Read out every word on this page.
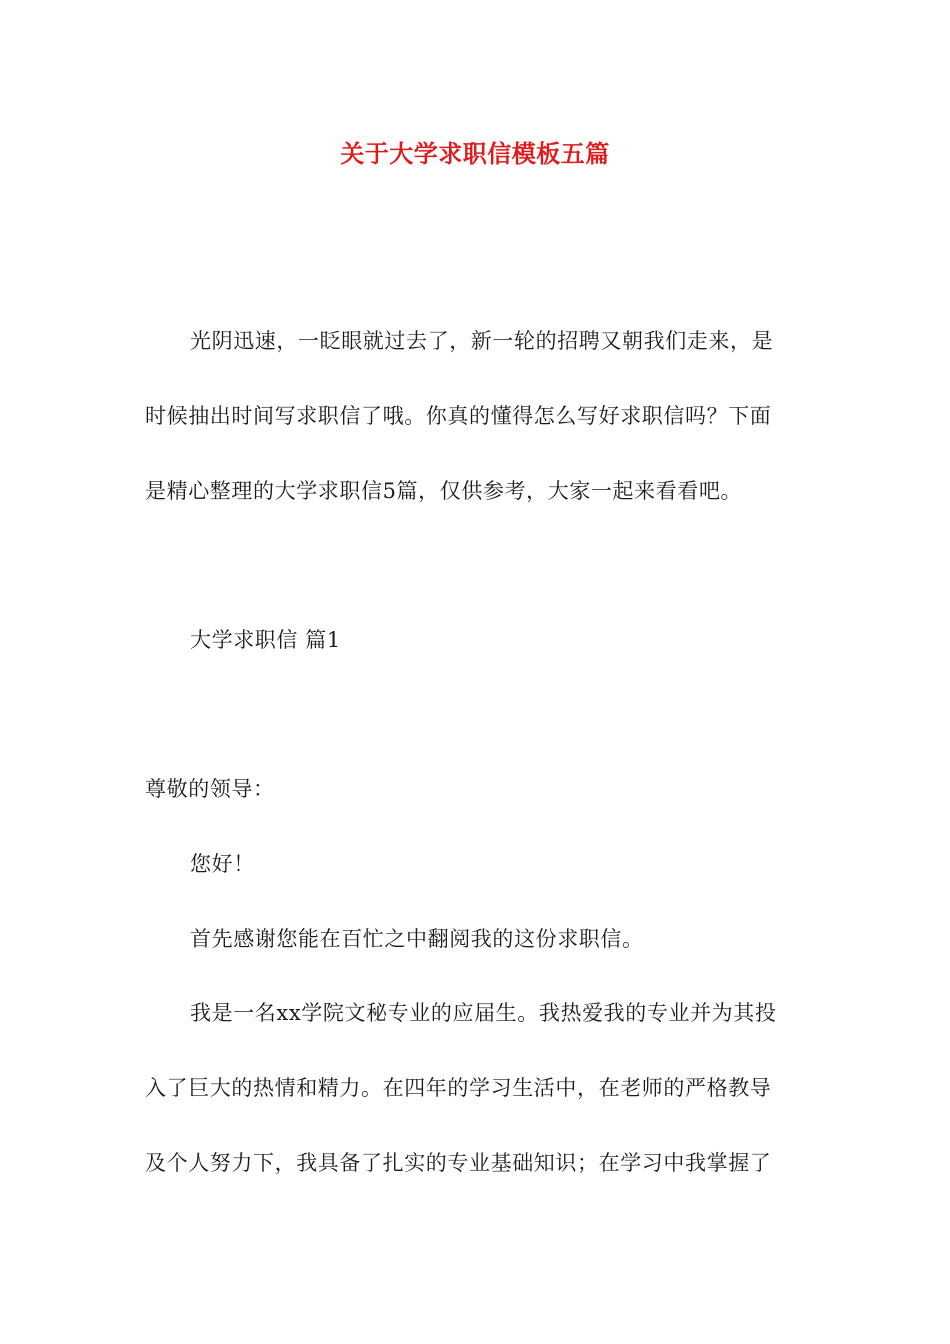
关于大学求职信模板五篇
光阴迅速，一眨眼就过去了，新一轮的招聘又朝我们走来，是
时候抽出时间写求职信了哦。你真的懂得怎么写好求职信吗？下面
是精心整理的大学求职信5篇，仅供参考，大家一起来看看吧。
大学求职信 篇1
尊敬的领导：
您好！
首先感谢您能在百忙之中翻阅我的这份求职信。
我是一名xx学院文秘专业的应届生。我热爱我的专业并为其投
入了巨大的热情和精力。在四年的学习生活中，在老师的严格教导
及个人努力下，我具备了扎实的专业基础知识；在学习中我掌握了
